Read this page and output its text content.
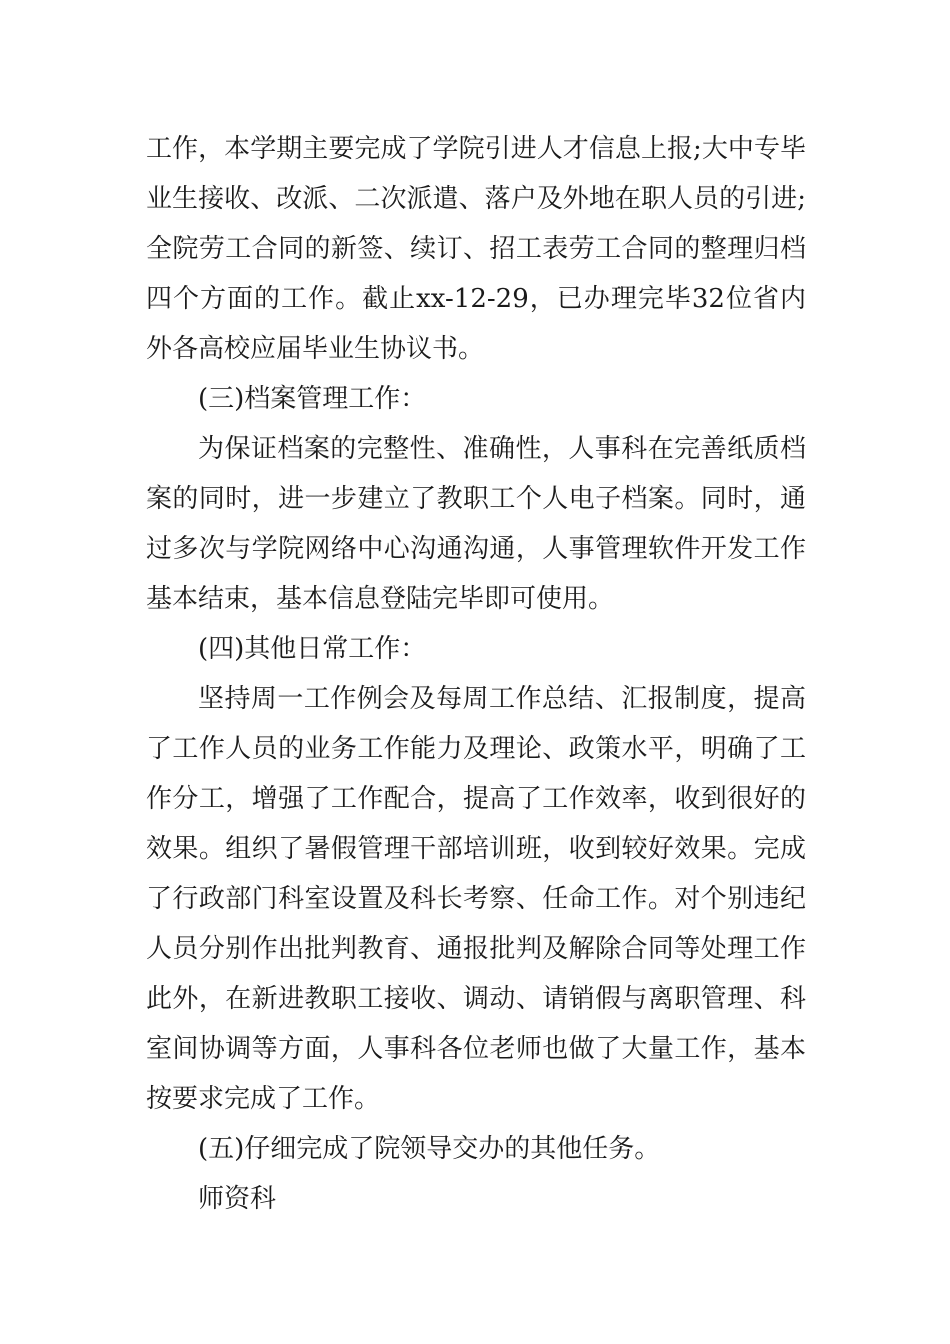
工作，本学期主要完成了学院引进人才信息上报;大中专毕业生接收、改派、二次派遣、落户及外地在职人员的引进;全院劳工合同的新签、续订、招工表劳工合同的整理归档四个方面的工作。截止xx-12-29，已办理完毕32位省内外各高校应届毕业生协议书。

(三)档案管理工作：

为保证档案的完整性、准确性，人事科在完善纸质档案的同时，进一步建立了教职工个人电子档案。同时，通过多次与学院网络中心沟通沟通，人事管理软件开发工作基本结束，基本信息登陆完毕即可使用。

(四)其他日常工作：

坚持周一工作例会及每周工作总结、汇报制度，提高了工作人员的业务工作能力及理论、政策水平，明确了工作分工，增强了工作配合，提高了工作效率，收到很好的效果。组织了暑假管理干部培训班，收到较好效果。完成了行政部门科室设置及科长考察、任命工作。对个别违纪人员分别作出批判教育、通报批判及解除合同等处理工作此外，在新进教职工接收、调动、请销假与离职管理、科室间协调等方面，人事科各位老师也做了大量工作，基本按要求完成了工作。

(五)仔细完成了院领导交办的其他任务。

师资科
